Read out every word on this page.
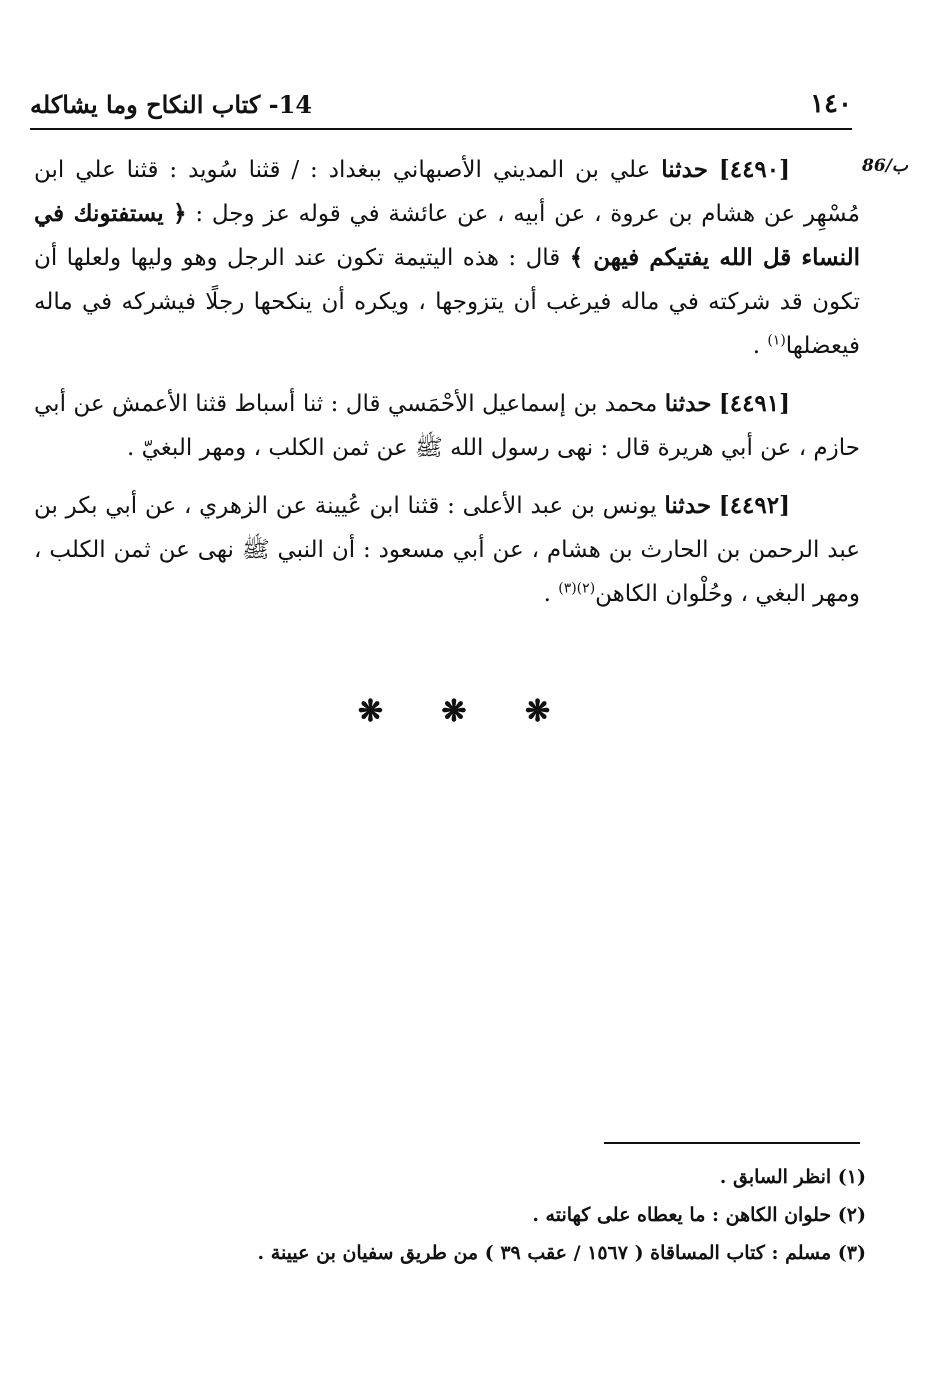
١٤٠
14- كتاب النكاح وما يشاكله
86/ب

[٤٤٩٠] حدثنا علي بن المديني الأصبهاني ببغداد : / قثنا سُويد : قثنا علي ابن مُسْهِر عن هشام بن عروة ، عن أبيه ، عن عائشة في قوله عز وجل : ﴿ يستفتونك في النساء قل الله يفتيكم فيهن ﴾ قال : هذه اليتيمة تكون عند الرجل وهو وليها ولعلها أن تكون قد شركته في ماله فيرغب أن يتزوجها ، ويكره أن ينكحها رجلًا فيشركه في ماله فيعضلها$^{(١)}$ .

[٤٤٩١] حدثنا محمد بن إسماعيل الأحْمَسي قال : ثنا أسباط قثنا الأعمش عن أبي حازم ، عن أبي هريرة قال : نهى رسول الله ﷺ عن ثمن الكلب ، ومهر البغيّ .

[٤٤٩٢] حدثنا يونس بن عبد الأعلى : قثنا ابن عُيينة عن الزهري ، عن أبي بكر بن عبد الرحمن بن الحارث بن هشام ، عن أبي مسعود : أن النبي ﷺ نهى عن ثمن الكلب ، ومهر البغي ، وحُلْوان الكاهن$^{(٢)(٣)}$ .

❋ ❋ ❋

(١) انظر السابق .

(٢) حلوان الكاهن : ما يعطاه على كهانته .

(٣) مسلم : كتاب المساقاة ( ١٥٦٧ / عقب ٣٩ ) من طريق سفيان بن عيينة .
